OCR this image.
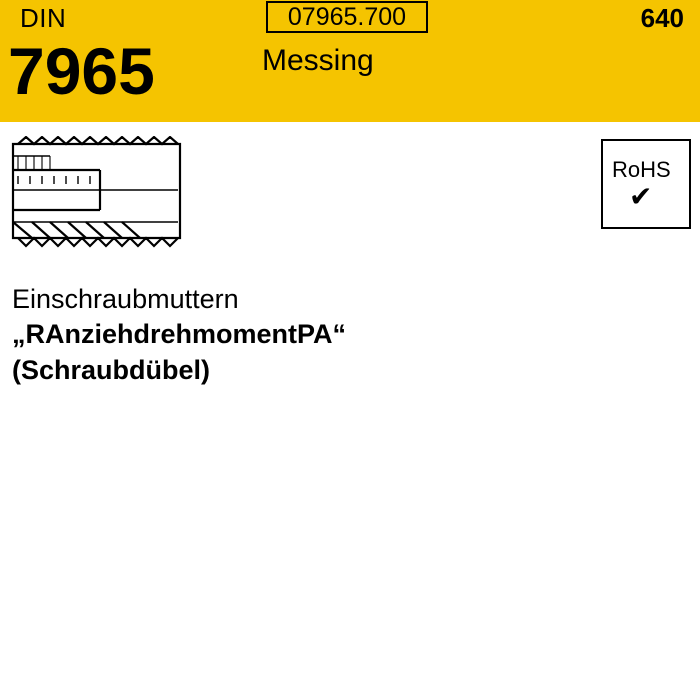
DIN	07965.700	640
7965	Messing
RoHS
✔
Einschraubmuttern
„RAnziehdrehmomentPA“
(Schraubdübel)
